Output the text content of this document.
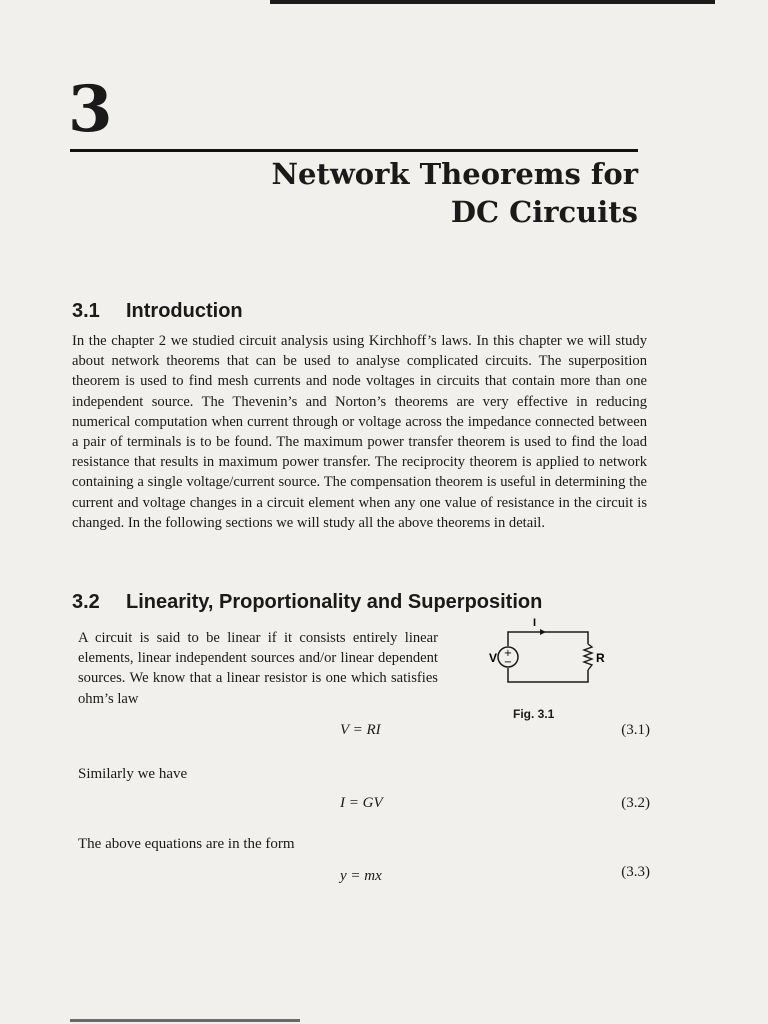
3
Network Theorems for
DC Circuits
3.1 Introduction

In the chapter 2 we studied circuit analysis using Kirchhoff’s laws. In this chapter we will study about network theorems that can be used to analyse complicated circuits. The superposition theorem is used to find mesh currents and node voltages in circuits that contain more than one independent source. The Thevenin’s and Norton’s theorems are very effective in reducing numerical computation when current through or voltage across the impedance connected between a pair of terminals is to be found. The maximum power transfer theorem is used to find the load resistance that results in maximum power transfer. The reciprocity theorem is applied to network containing a single voltage/current source. The compensation theorem is useful in determining the current and voltage changes in a circuit element when any one value of resistance in the circuit is changed. In the following sections we will study all the above theorems in detail.

3.2 Linearity, Proportionality and Superposition

A circuit is said to be linear if it consists entirely linear elements, linear independent sources and/or linear dependent sources. We know that a linear resistor is one which satisfies ohm’s law

+
−
V	R
I
Fig. 3.1
V = RI	(3.1)
Similarly we have
I = GV	(3.2)
The above equations are in the form
y = mx	(3.3)
